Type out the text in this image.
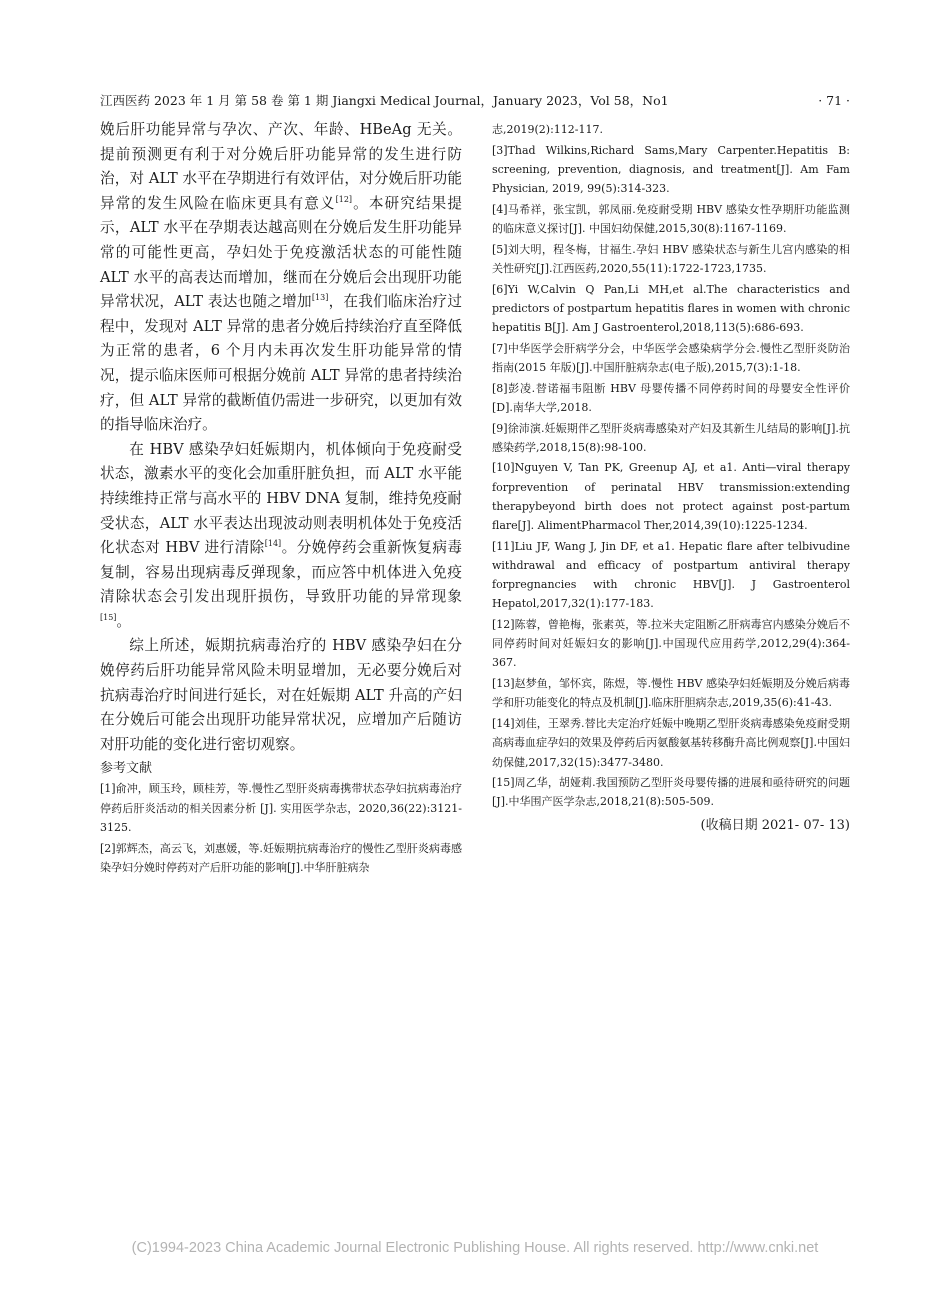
江西医药 2023 年 1 月 第 58 卷 第 1 期 Jiangxi Medical Journal，January 2023，Vol 58，No1	· 71 ·

娩后肝功能异常与孕次、产次、年龄、HBeAg 无关。提前预测更有利于对分娩后肝功能异常的发生进行防治，对 ALT 水平在孕期进行有效评估，对分娩后肝功能异常的发生风险在临床更具有意义[12]。本研究结果提示，ALT 水平在孕期表达越高则在分娩后发生肝功能异常的可能性更高，孕妇处于免疫激活状态的可能性随 ALT 水平的高表达而增加，继而在分娩后会出现肝功能异常状况，ALT 表达也随之增加[13]，在我们临床治疗过程中，发现对 ALT 异常的患者分娩后持续治疗直至降低为正常的患者，6 个月内未再次发生肝功能异常的情况，提示临床医师可根据分娩前 ALT 异常的患者持续治疗，但 ALT 异常的截断值仍需进一步研究，以更加有效的指导临床治疗。

在 HBV 感染孕妇妊娠期内，机体倾向于免疫耐受状态，激素水平的变化会加重肝脏负担，而 ALT 水平能持续维持正常与高水平的 HBV DNA 复制，维持免疫耐受状态，ALT 水平表达出现波动则表明机体处于免疫活化状态对 HBV 进行清除[14]。分娩停药会重新恢复病毒复制，容易出现病毒反弹现象，而应答中机体进入免疫清除状态会引发出现肝损伤，导致肝功能的异常现象[15]。

综上所述，娠期抗病毒治疗的 HBV 感染孕妇在分娩停药后肝功能异常风险未明显增加，无必要分娩后对抗病毒治疗时间进行延长，对在妊娠期 ALT 升高的产妇在分娩后可能会出现肝功能异常状况，应增加产后随访对肝功能的变化进行密切观察。

参考文献
[1]俞冲，顾玉玲，顾桂芳，等.慢性乙型肝炎病毒携带状态孕妇抗病毒治疗停药后肝炎活动的相关因素分析 [J]. 实用医学杂志，2020,36(22):3121-3125.
[2]郭辉杰，高云飞，刘惠媛，等.妊娠期抗病毒治疗的慢性乙型肝炎病毒感染孕妇分娩时停药对产后肝功能的影响[J].中华肝脏病杂
志,2019(2):112-117.
[3]Thad Wilkins,Richard Sams,Mary Carpenter.Hepatitis B: screening, prevention, diagnosis, and treatment[J]. Am Fam Physician, 2019, 99(5):314-323.
[4]马希祥，张宝凯，郭凤丽.免疫耐受期 HBV 感染女性孕期肝功能监测的临床意义探讨[J]. 中国妇幼保健,2015,30(8):1167-1169.
[5]刘大明，程冬梅，甘福生.孕妇 HBV 感染状态与新生儿宫内感染的相关性研究[J].江西医药,2020,55(11):1722-1723,1735.
[6]Yi W,Calvin Q Pan,Li MH,et al.The characteristics and predictors of postpartum hepatitis flares in women with chronic hepatitis B[J]. Am J Gastroenterol,2018,113(5):686-693.
[7]中华医学会肝病学分会，中华医学会感染病学分会.慢性乙型肝炎防治指南(2015 年版)[J].中国肝脏病杂志(电子版),2015,7(3):1-18.
[8]彭凌.替诺福韦阻断 HBV 母婴传播不同停药时间的母婴安全性评价[D].南华大学,2018.
[9]徐沛演.妊娠期伴乙型肝炎病毒感染对产妇及其新生儿结局的影响[J].抗感染药学,2018,15(8):98-100.
[10]Nguyen V, Tan PK, Greenup AJ, et a1. Anti—viral therapy forprevention of perinatal HBV transmission:extending therapybeyond birth does not protect against post-partum flare[J]. AlimentPharmacol Ther,2014,39(10):1225-1234.
[11]Liu JF, Wang J, Jin DF, et a1. Hepatic flare after telbivudine withdrawal and efficacy of postpartum antiviral therapy forpregnancies with chronic HBV[J]. J Gastroenterol Hepatol,2017,32(1):177-183.
[12]陈蓉，曾艳梅，张素英，等.拉米夫定阻断乙肝病毒宫内感染分娩后不同停药时间对妊娠妇女的影响[J].中国现代应用药学,2012,29(4):364-367.
[13]赵梦鱼，邹怀宾，陈煜，等.慢性 HBV 感染孕妇妊娠期及分娩后病毒学和肝功能变化的特点及机制[J].临床肝胆病杂志,2019,35(6):41-43.
[14]刘佳，王翠秀.替比夫定治疗妊娠中晚期乙型肝炎病毒感染免疫耐受期高病毒血症孕妇的效果及停药后丙氨酸氨基转移酶升高比例观察[J].中国妇幼保健,2017,32(15):3477-3480.
[15]周乙华，胡娅莉.我国预防乙型肝炎母婴传播的进展和亟待研究的问题[J].中华围产医学杂志,2018,21(8):505-509.
(收稿日期 2021- 07- 13)
(C)1994-2023 China Academic Journal Electronic Publishing House. All rights reserved. http://www.cnki.net
